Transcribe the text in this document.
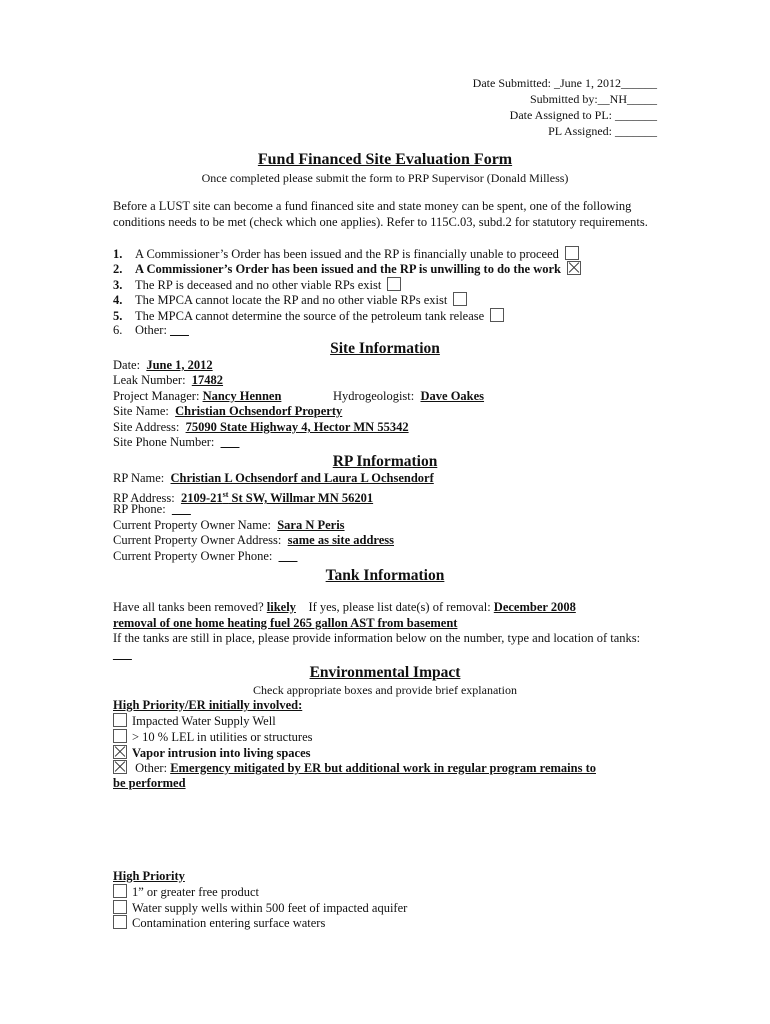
Date Submitted: _June 1, 2012______
Submitted by:__NH_____
Date Assigned to PL: _______
PL Assigned: _______
Fund Financed Site Evaluation Form
Once completed please submit the form to PRP Supervisor (Donald Milless)
Before a LUST site can become a fund financed site and state money can be spent, one of the following conditions needs to be met (check which one applies). Refer to 115C.03, subd.2 for statutory requirements.
1. A Commissioner’s Order has been issued and the RP is financially unable to proceed
2. A Commissioner’s Order has been issued and the RP is unwilling to do the work
3. The RP is deceased and no other viable RPs exist
4. The MPCA cannot locate the RP and no other viable RPs exist
5. The MPCA cannot determine the source of the petroleum tank release
6. Other: ___
Site Information
Date: June 1, 2012
Leak Number: 17482
Project Manager: Nancy Hennen	Hydrogeologist: Dave Oakes
Site Name: Christian Ochsendorf Property
Site Address: 75090 State Highway 4, Hector MN 55342
Site Phone Number: ___
RP Information
RP Name: Christian L Ochsendorf and Laura L Ochsendorf
RP Address: 2109-21st St SW, Willmar MN 56201
RP Phone: ___
Current Property Owner Name: Sara N Peris
Current Property Owner Address: same as site address
Current Property Owner Phone: ___
Tank Information
Have all tanks been removed? likely If yes, please list date(s) of removal: December 2008
removal of one home heating fuel 265 gallon AST from basement
If the tanks are still in place, please provide information below on the number, type and location of tanks:  ___
Environmental Impact
Check appropriate boxes and provide brief explanation
High Priority/ER initially involved:
Impacted Water Supply Well
> 10 % LEL in utilities or structures
Vapor intrusion into living spaces
Other: Emergency mitigated by ER but additional work in regular program remains to
be performed
High Priority
1” or greater free product
Water supply wells within 500 feet of impacted aquifer
Contamination entering surface waters
